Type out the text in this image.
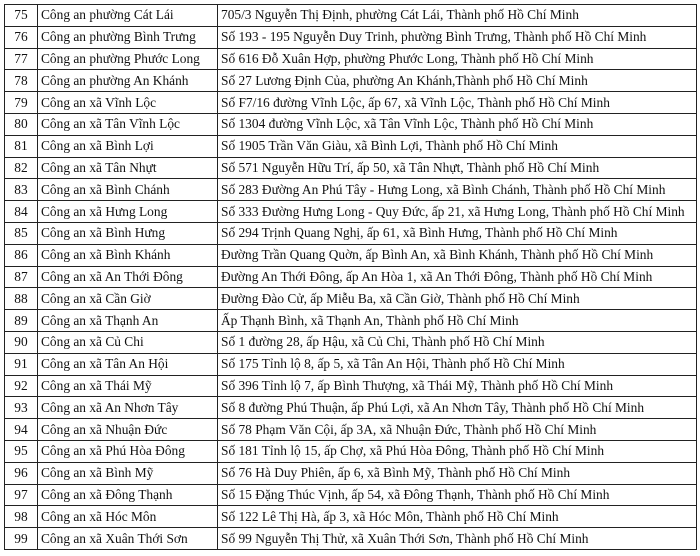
75	Công an phường Cát Lái	705/3 Nguyễn Thị Định, phường Cát Lái, Thành phố Hồ Chí Minh
76	Công an phường Bình Trưng	Số 193 - 195 Nguyễn Duy Trinh, phường Bình Trưng, Thành phố Hồ Chí Minh
77	Công an phường Phước Long	Số 616 Đỗ Xuân Hợp, phường Phước Long, Thành phố Hồ Chí Minh
78	Công an phường An Khánh	Số 27 Lương Định Của, phường An Khánh,Thành phố Hồ Chí Minh
79	Công an xã Vĩnh Lộc	Số F7/16 đường Vĩnh Lộc, ấp 67, xã Vĩnh Lộc, Thành phố Hồ Chí Minh
80	Công an xã Tân Vĩnh Lộc	Số 1304 đường Vĩnh Lộc, xã Tân Vĩnh Lộc, Thành phố Hồ Chí Minh
81	Công an xã Bình Lợi	Số 1905 Trần Văn Giàu, xã Bình Lợi, Thành phố Hồ Chí Minh
82	Công an xã Tân Nhựt	Số 571 Nguyễn Hữu Trí, ấp 50, xã Tân Nhựt, Thành phố Hồ Chí Minh
83	Công an xã Bình Chánh	Số 283 Đường An Phú Tây - Hưng Long, xã Bình Chánh, Thành phố Hồ Chí Minh
84	Công an xã Hưng Long	Số 333 Đường Hưng Long - Quy Đức, ấp 21, xã Hưng Long, Thành phố Hồ Chí Minh
85	Công an xã Bình Hưng	Số 294 Trịnh Quang Nghị, ấp 61, xã Bình Hưng, Thành phố Hồ Chí Minh
86	Công an xã Bình Khánh	Đường Trần Quang Quờn, ấp Bình An, xã Bình Khánh, Thành phố Hồ Chí Minh
87	Công an xã An Thới Đông	Đường An Thới Đông, ấp An Hòa 1, xã An Thới Đông, Thành phố Hồ Chí Minh
88	Công an xã Cần Giờ	Đường Đào Cử, ấp Miễu Ba, xã Cần Giờ, Thành phố Hồ Chí Minh
89	Công an xã Thạnh An	Ấp Thạnh Bình, xã Thạnh An, Thành phố Hồ Chí Minh
90	Công an xã Củ Chi	Số 1 đường 28, ấp Hậu, xã Củ Chi, Thành phố Hồ Chí Minh
91	Công an xã Tân An Hội	Số 175 Tỉnh lộ 8, ấp 5, xã Tân An Hội, Thành phố Hồ Chí Minh
92	Công an xã Thái Mỹ	Số 396 Tỉnh lộ 7, ấp Bình Thượng, xã Thái Mỹ, Thành phố Hồ Chí Minh
93	Công an xã An Nhơn Tây	Số 8 đường Phú Thuận, ấp Phú Lợi, xã An Nhơn Tây, Thành phố Hồ Chí Minh
94	Công an xã Nhuận Đức	Số 78 Phạm Văn Cội, ấp 3A, xã Nhuận Đức, Thành phố Hồ Chí Minh
95	Công an xã Phú Hòa Đông	Số 181 Tỉnh lộ 15, ấp Chợ, xã Phú Hòa Đông, Thành phố Hồ Chí Minh
96	Công an xã Bình Mỹ	Số 76 Hà Duy Phiên, ấp 6, xã Bình Mỹ, Thành phố Hồ Chí Minh
97	Công an xã Đông Thạnh	Số 15 Đặng Thúc Vịnh, ấp 54, xã Đông Thạnh, Thành phố Hồ Chí Minh
98	Công an xã Hóc Môn	Số 122 Lê Thị Hà, ấp 3, xã Hóc Môn, Thành phố Hồ Chí Minh
99	Công an xã Xuân Thới Sơn	Số 99 Nguyễn Thị Thử, xã Xuân Thới Sơn, Thành phố Hồ Chí Minh
